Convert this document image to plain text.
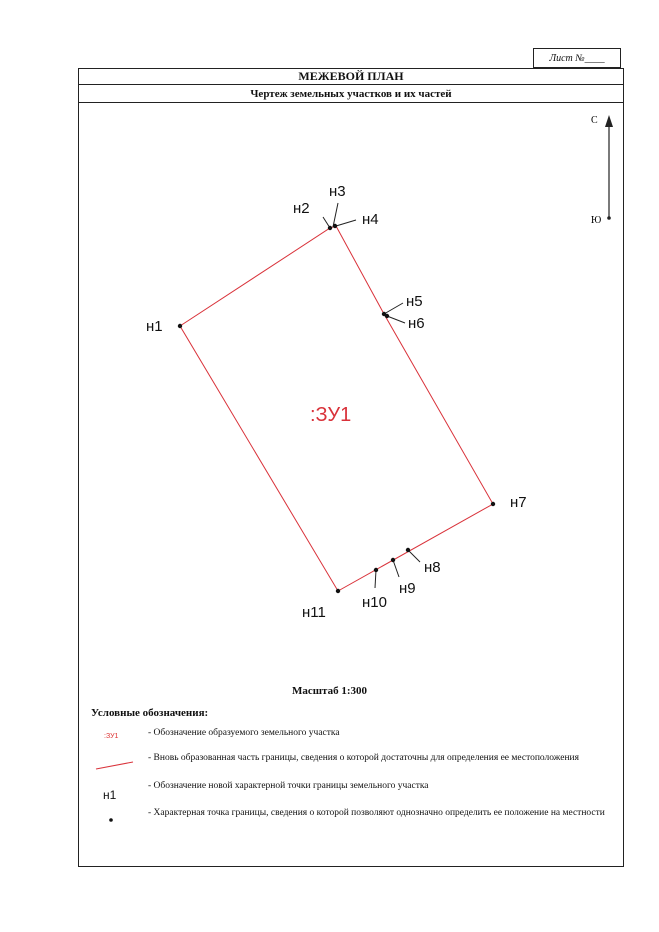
Лист №____
МЕЖЕВОЙ ПЛАН
Чертеж земельных участков и их частей
С
Ю
н1
н2
н3
н4
н5
н6
н7
н8
н9
н10
н11
:ЗУ1
Масштаб 1:300
Условные обозначения:
:ЗУ1	- Обозначение образуемого земельного участка
- Вновь образованная часть границы, сведения о которой достаточны для определения ее местоположения
н1
- Обозначение новой характерной точки границы земельного участка
- Характерная точка границы, сведения о которой позволяют однозначно определить ее положение на местности
